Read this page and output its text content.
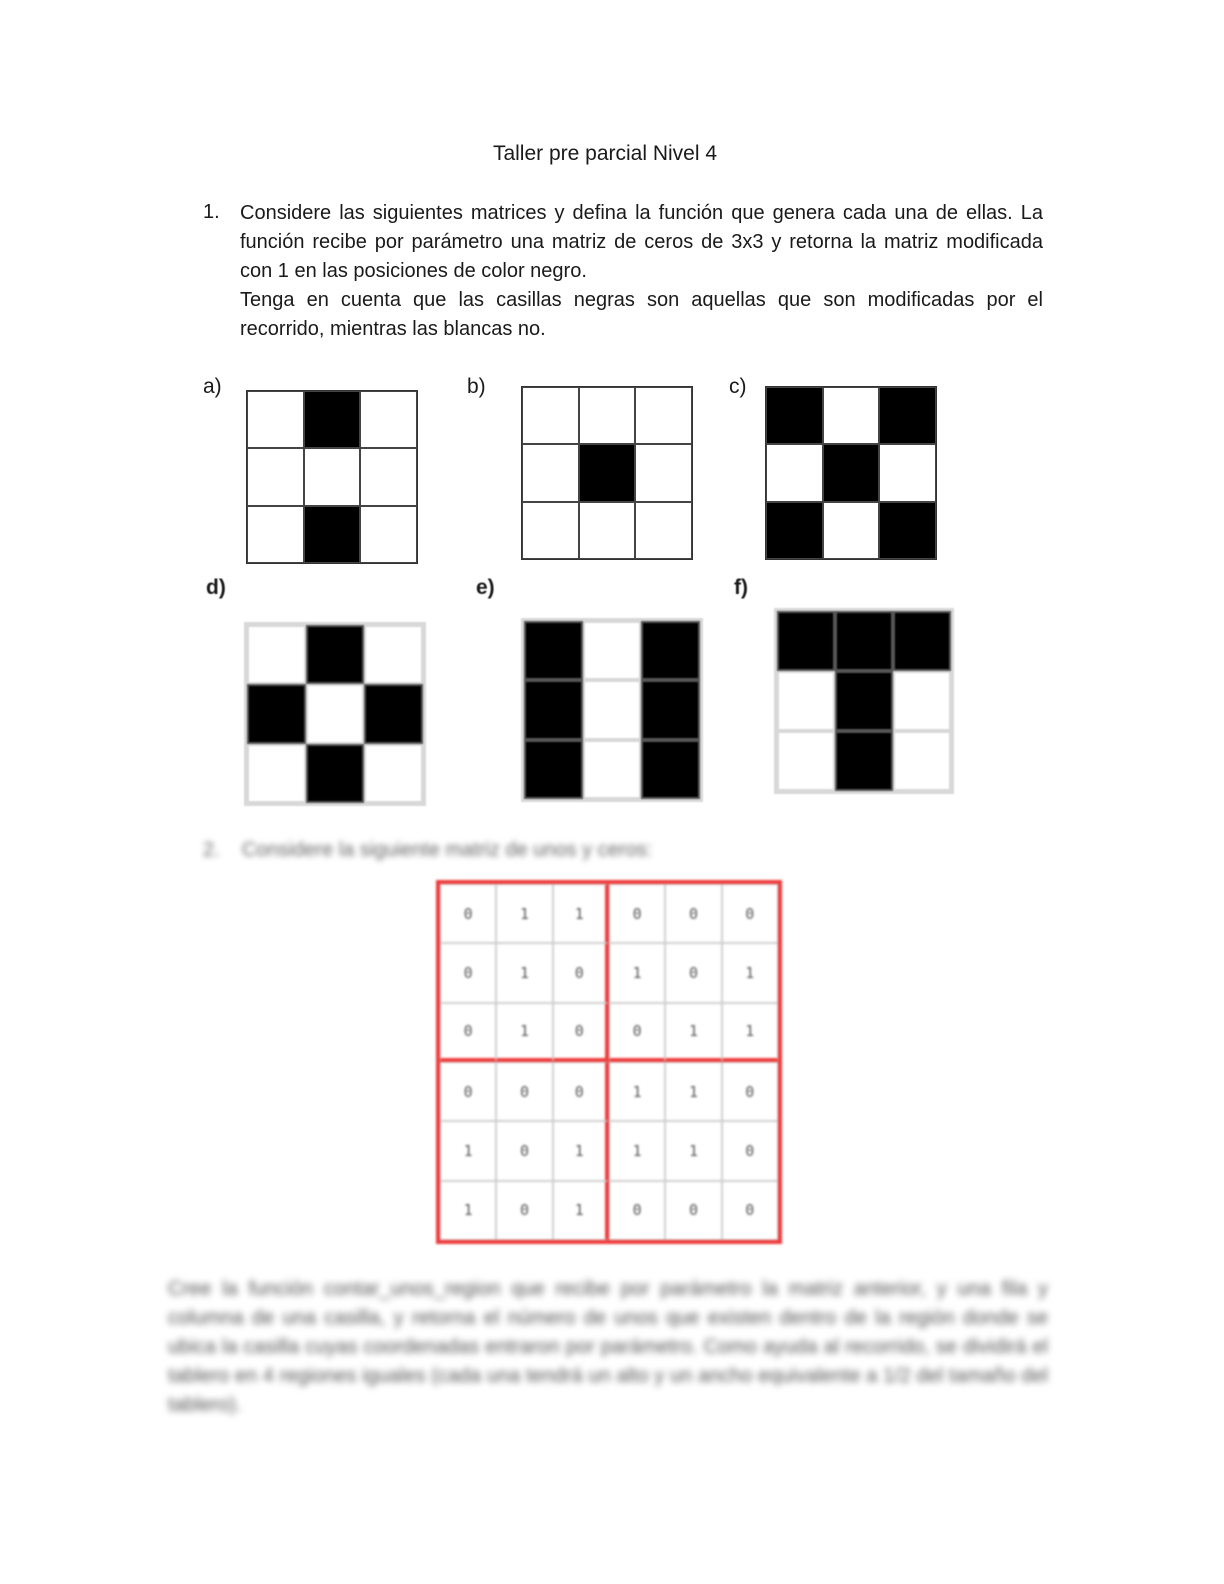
Taller pre parcial Nivel 4
1. Considere las siguientes matrices y defina la función que genera cada una de ellas. La función recibe por parámetro una matriz de ceros de 3x3 y retorna la matriz modificada con 1 en las posiciones de color negro.

Tenga en cuenta que las casillas negras son aquellas que son modificadas por el recorrido, mientras las blancas no.

a)	b)	c)
d)	e)	f)
2. Considere la siguiente matriz de unos y ceros:
0	1	1	0	0	0
0	1	0	1	0	1
0	1	0	0	1	1
0	0	0	1	1	0
1	0	1	1	1	0
1	0	1	0	0	0
Cree la función contar_unos_region que recibe por parámetro la matriz anterior, y una fila y columna de una casilla, y retorna el número de unos que existen dentro de la región donde se ubica la casilla cuyas coordenadas entraron por parámetro. Como ayuda al recorrido, se dividirá el tablero en 4 regiones iguales (cada una tendrá un alto y un ancho equivalente a 1/2 del tamaño del tablero).
